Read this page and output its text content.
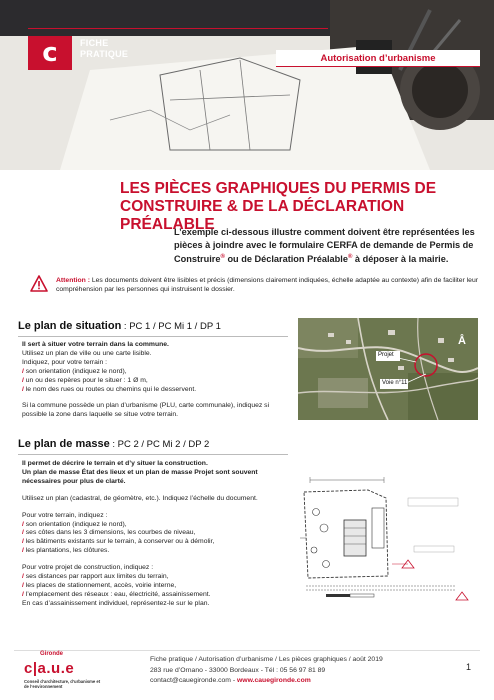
c FICHE
PRATIQUE	Autorisation d’urbanisme
LES PIÈCES GRAPHIQUES DU PERMIS DE
CONSTRUIRE & DE LA DÉCLARATION PRÉALABLE
L’exemple ci-dessous illustre comment doivent être représentées les pièces à joindre avec le formulaire CERFA de demande de Permis de Construire® ou de Déclaration Préalable® à déposer à la mairie.
Attention : Les documents doivent être lisibles et précis (dimensions clairement indiquées, échelle adaptée au contexte) afin de faciliter leur compréhension par les personnes qui instruisent le dossier.
Le plan de situation : PC 1 / PC Mi 1 / DP 1

Il sert à situer votre terrain dans la commune.

Utilisez un plan de ville ou une carte lisible.

Indiquez, pour votre terrain :

/ son orientation (indiquez le nord),

/ un ou des repères pour le situer : 1 Ø m,

/ le nom des rues ou routes ou chemins qui le desservent.

Si la commune possède un plan d’urbanisme (PLU, carte communale), indiquez si possible la zone dans laquelle se situe votre terrain.

Å
Projet
Voie n°11
Le plan de masse : PC 2 / PC Mi 2 / DP 2

Il permet de décrire le terrain et d’y situer la construction.

Un plan de masse État des lieux et un plan de masse Projet sont souvent nécessaires pour plus de clarté.

Utilisez un plan (cadastral, de géomètre, etc.). Indiquez l’échelle du document.

Pour votre terrain, indiquez :

/ son orientation (indiquez le nord),

/ ses côtes dans les 3 dimensions, les courbes de niveau,

/ les bâtiments existants sur le terrain, à conserver ou à démolir,

/ les plantations, les clôtures.

Pour votre projet de construction, indiquez :

/ ses distances par rapport aux limites du terrain,

/ les places de stationnement, accès, voirie interne,

/ l’emplacement des réseaux : eau, électricité, assainissement.

En cas d’assainissement individuel, représentez-le sur le plan.

Gironde
c|a.u.e
Conseil d’architecture, d’urbanisme et de l’environnement
Fiche pratique / Autorisation d’urbanisme / Les pièces graphiques / août 2019
283 rue d’Ornano - 33000 Bordeaux - Tél : 05 56 97 81 89
contact@cauegironde.com - www.cauegironde.com
1
